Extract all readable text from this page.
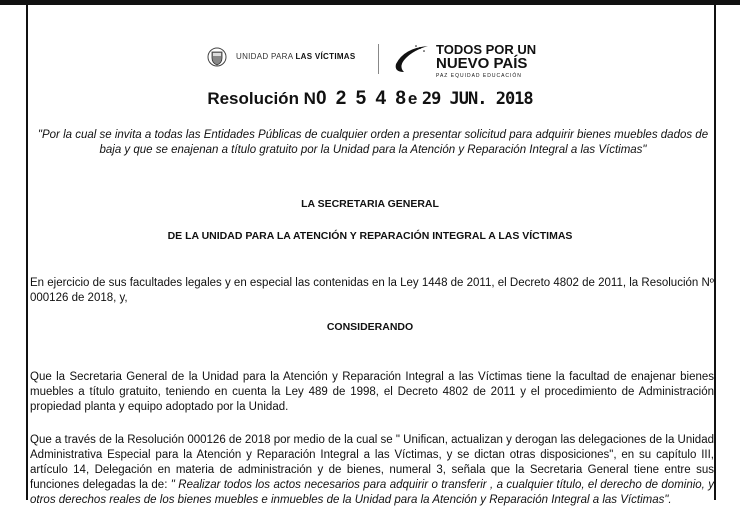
UNIDAD PARA LAS VÍCTIMAS	TODOS POR UN
NUEVO PAÍS
PAZ EQUIDAD EDUCACIÓN
Resolución N0 2 5 4 8e 29 JUN. 2018
"Por la cual se invita a todas las Entidades Públicas de cualquier orden a presentar solicitud para adquirir bienes muebles dados de baja y que se enajenan a título gratuito por la Unidad para la Atención y Reparación Integral a las Víctimas"
LA SECRETARIA GENERAL
DE LA UNIDAD PARA LA ATENCIÓN Y REPARACIÓN INTEGRAL A LAS VÍCTIMAS
En ejercicio de sus facultades legales y en especial las contenidas en la Ley 1448 de 2011, el Decreto 4802 de 2011, la Resolución Nº 000126 de 2018, y,
CONSIDERANDO
Que la Secretaria General de la Unidad para la Atención y Reparación Integral a las Víctimas tiene la facultad de enajenar bienes muebles a título gratuito, teniendo en cuenta la Ley 489 de 1998, el Decreto 4802 de 2011 y el procedimiento de Administración propiedad planta y equipo adoptado por la Unidad.
Que a través de la Resolución 000126 de 2018 por medio de la cual se " Unifican, actualizan y derogan las delegaciones de la Unidad Administrativa Especial para la Atención y Reparación Integral a las Víctimas, y se dictan otras disposiciones", en su capítulo III, artículo 14, Delegación en materia de administración y de bienes, numeral 3, señala que la Secretaria General tiene entre sus funciones delegadas la de: " Realizar todos los actos necesarios para adquirir o transferir , a cualquier título, el derecho de dominio, y otros derechos reales de los bienes muebles e inmuebles de la Unidad para la Atención y Reparación Integral a las Víctimas".
